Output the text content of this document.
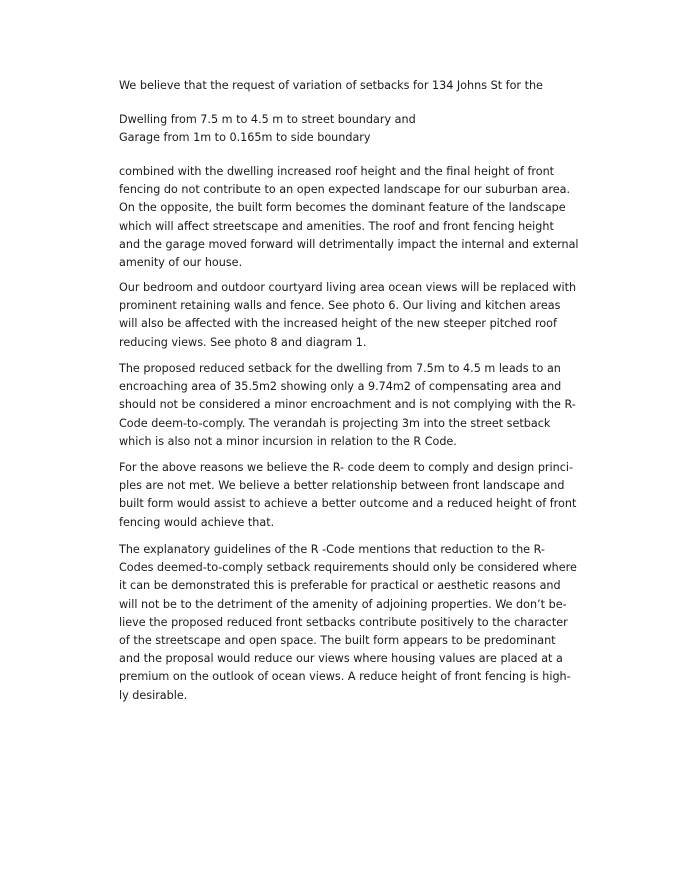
We believe that the request of variation of setbacks for 134 Johns St for the
Dwelling from 7.5 m to 4.5 m to street boundary and
Garage from 1m to 0.165m to side boundary
combined with the dwelling increased roof height and the final height of front
fencing do not contribute to an open expected landscape for our suburban area.
On the opposite, the built form becomes the dominant feature of the landscape
which will affect streetscape and amenities. The roof and front fencing height
and the garage moved forward will detrimentally impact the internal and external
amenity of our house.
Our bedroom and outdoor courtyard living area ocean views will be replaced with
prominent retaining walls and fence. See photo 6. Our living and kitchen areas
will also be affected with the increased height of the new steeper pitched roof
reducing views. See photo 8 and diagram 1.
The proposed reduced setback for the dwelling from 7.5m to 4.5 m leads to an
encroaching area of 35.5m2 showing only a 9.74m2 of compensating area and
should not be considered a minor encroachment and is not complying with the R-
Code deem-to-comply. The verandah is projecting 3m into the street setback
which is also not a minor incursion in relation to the R Code.
For the above reasons we believe the R- code deem to comply and design princi-
ples are not met. We believe a better relationship between front landscape and
built form would assist to achieve a better outcome and a reduced height of front
fencing would achieve that.
The explanatory guidelines of the R -Code mentions that reduction to the R-
Codes deemed-to-comply setback requirements should only be considered where
it can be demonstrated this is preferable for practical or aesthetic reasons and
will not be to the detriment of the amenity of adjoining properties. We don’t be-
lieve the proposed reduced front setbacks contribute positively to the character
of the streetscape and open space. The built form appears to be predominant
and the proposal would reduce our views where housing values are placed at a
premium on the outlook of ocean views. A reduce height of front fencing is high-
ly desirable.
